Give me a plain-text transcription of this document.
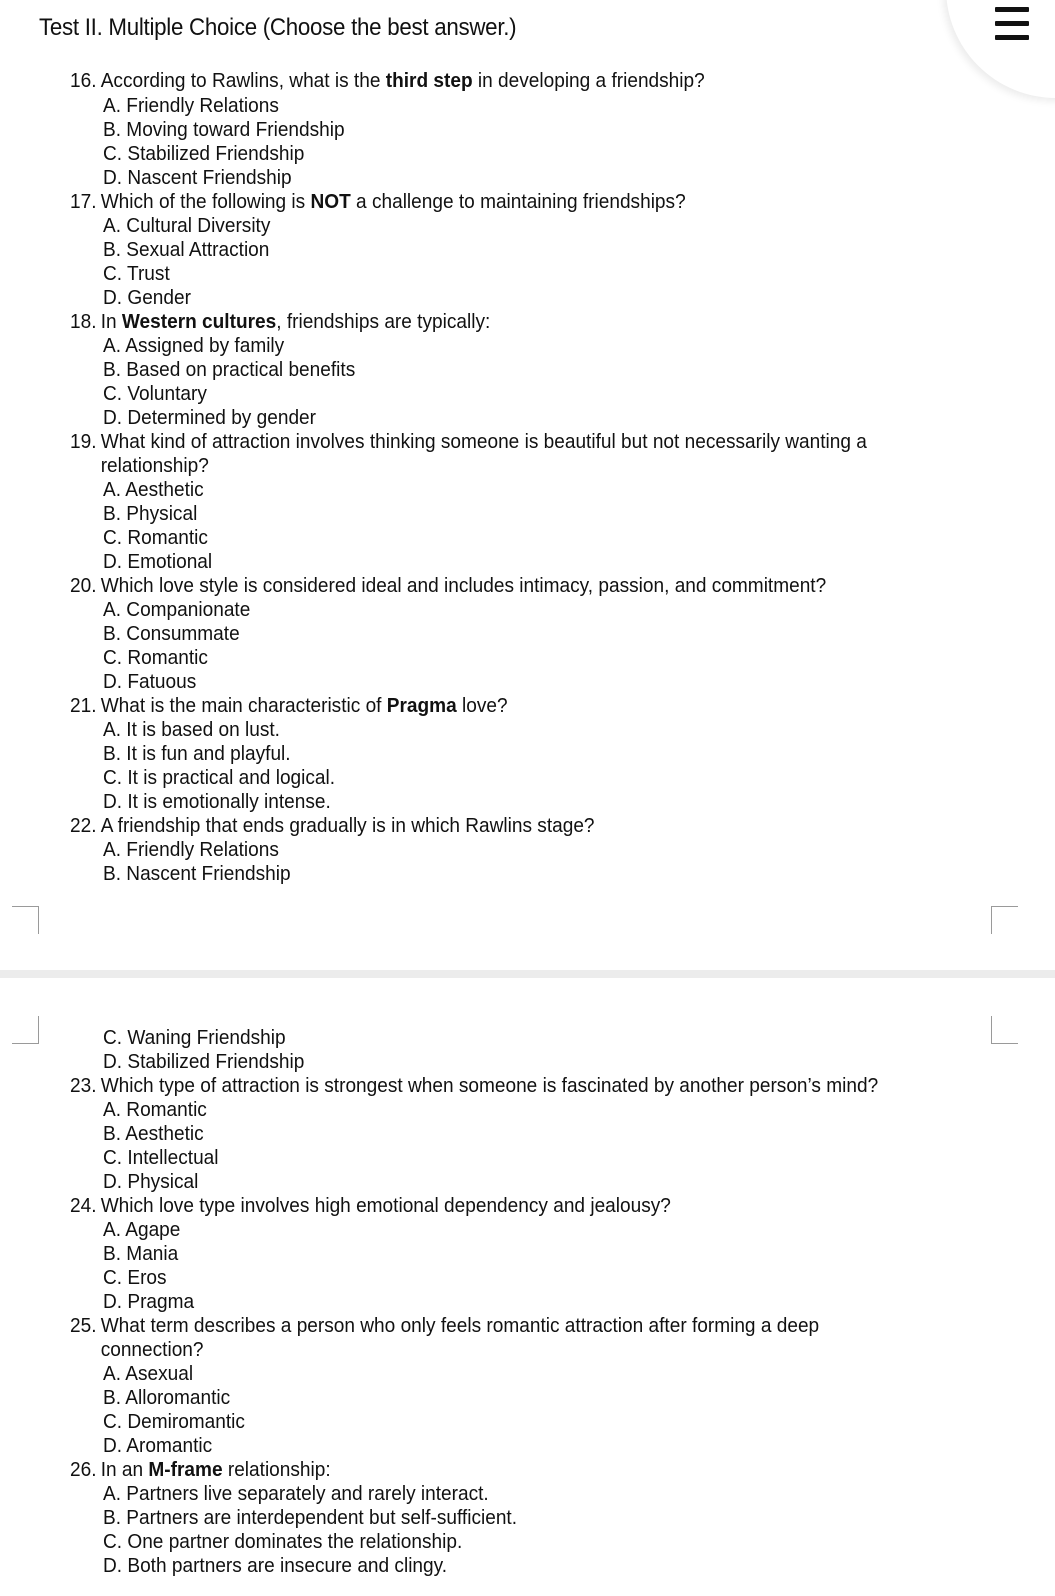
Test II. Multiple Choice (Choose the best answer.)
16. According to Rawlins, what is the third step in developing a friendship?
A. Friendly Relations
B. Moving toward Friendship
C. Stabilized Friendship
D. Nascent Friendship
17. Which of the following is NOT a challenge to maintaining friendships?
A. Cultural Diversity
B. Sexual Attraction
C. Trust
D. Gender
18. In Western cultures, friendships are typically:
A. Assigned by family
B. Based on practical benefits
C. Voluntary
D. Determined by gender
19. What kind of attraction involves thinking someone is beautiful but not necessarily wanting a
relationship?
A. Aesthetic
B. Physical
C. Romantic
D. Emotional
20. Which love style is considered ideal and includes intimacy, passion, and commitment?
A. Companionate
B. Consummate
C. Romantic
D. Fatuous
21. What is the main characteristic of Pragma love?
A. It is based on lust.
B. It is fun and playful.
C. It is practical and logical.
D. It is emotionally intense.
22. A friendship that ends gradually is in which Rawlins stage?
A. Friendly Relations
B. Nascent Friendship
C. Waning Friendship
D. Stabilized Friendship
23. Which type of attraction is strongest when someone is fascinated by another person’s mind?
A. Romantic
B. Aesthetic
C. Intellectual
D. Physical
24. Which love type involves high emotional dependency and jealousy?
A. Agape
B. Mania
C. Eros
D. Pragma
25. What term describes a person who only feels romantic attraction after forming a deep
connection?
A. Asexual
B. Alloromantic
C. Demiromantic
D. Aromantic
26. In an M-frame relationship:
A. Partners live separately and rarely interact.
B. Partners are interdependent but self-sufficient.
C. One partner dominates the relationship.
D. Both partners are insecure and clingy.
